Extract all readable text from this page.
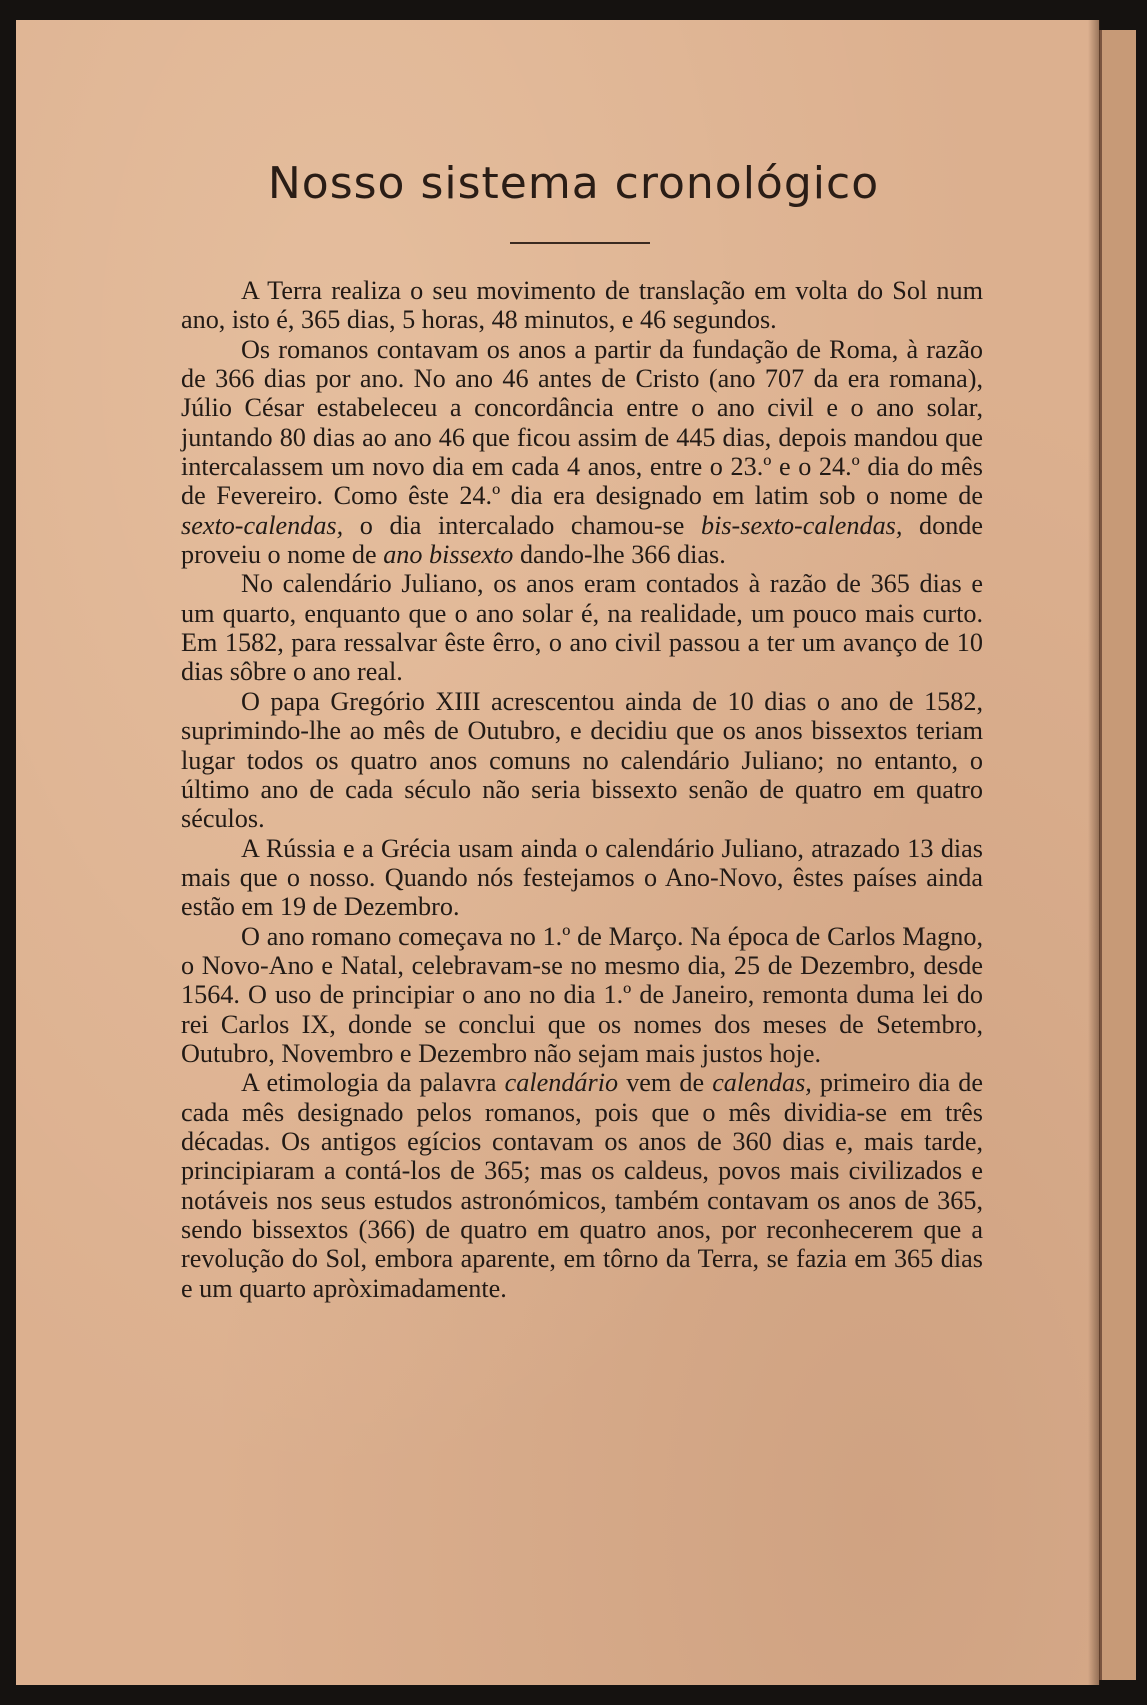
Nosso sistema cronológico

A Terra realiza o seu movimento de translação em volta do Sol num ano, isto é, 365 dias, 5 horas, 48 minutos, e 46 segundos.

Os romanos contavam os anos a partir da fundação de Roma, à razão de 366 dias por ano. No ano 46 antes de Cristo (ano 707 da era romana), Júlio César estabeleceu a concordância entre o ano civil e o ano solar, juntando 80 dias ao ano 46 que ficou assim de 445 dias, depois mandou que intercalassem um novo dia em cada 4 anos, entre o 23.º e o 24.º dia do mês de Fevereiro. Como êste 24.º dia era designado em latim sob o nome de sexto-calendas, o dia intercalado chamou-se bis-sexto-calendas, donde proveiu o nome de ano bissexto dando-lhe 366 dias.

No calendário Juliano, os anos eram contados à razão de 365 dias e um quarto, enquanto que o ano solar é, na realidade, um pouco mais curto. Em 1582, para ressalvar êste êrro, o ano civil passou a ter um avanço de 10 dias sôbre o ano real.

O papa Gregório XIII acrescentou ainda de 10 dias o ano de 1582, suprimindo-lhe ao mês de Outubro, e decidiu que os anos bissextos teriam lugar todos os quatro anos comuns no calendário Juliano; no entanto, o último ano de cada século não seria bissexto senão de quatro em quatro séculos.

A Rússia e a Grécia usam ainda o calendário Juliano, atrazado 13 dias mais que o nosso. Quando nós festejamos o Ano-Novo, êstes países ainda estão em 19 de Dezembro.

O ano romano começava no 1.º de Março. Na época de Carlos Magno, o Novo-Ano e Natal, celebravam-se no mesmo dia, 25 de Dezembro, desde 1564. O uso de principiar o ano no dia 1.º de Janeiro, remonta duma lei do rei Carlos IX, donde se conclui que os nomes dos meses de Setembro, Outubro, Novembro e Dezembro não sejam mais justos hoje.

A etimologia da palavra calendário vem de calendas, primeiro dia de cada mês designado pelos romanos, pois que o mês dividia-se em três décadas. Os antigos egícios contavam os anos de 360 dias e, mais tarde, principiaram a contá-los de 365; mas os caldeus, povos mais civilizados e notáveis nos seus estudos astronómicos, também contavam os anos de 365, sendo bissextos (366) de quatro em quatro anos, por reconhecerem que a revolução do Sol, embora aparente, em tôrno da Terra, se fazia em 365 dias e um quarto apròximadamente.
